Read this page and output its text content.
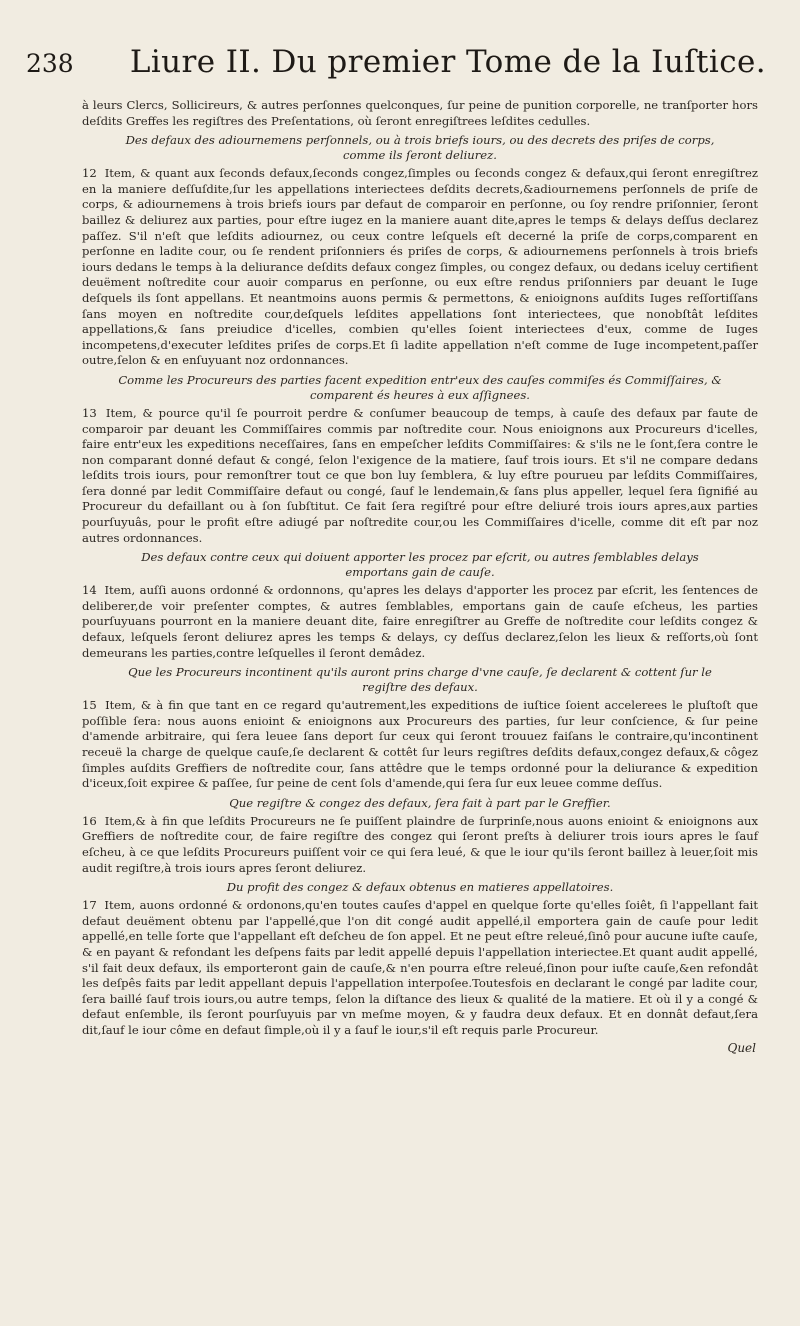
238	Liure II. Du premier Tome de la Iuſtice.

à leurs Clercs, Sollicireurs, & autres perſonnes quelconques, ſur peine de punition corporelle, ne tranſporter hors deſdits Greffes les regiſtres des Preſentations, où ſeront enregiſtrees leſdites cedulles.

Des defaux des adiournemens perſonnels, ou à trois briefs iours, ou des decrets des priſes de corps, comme ils ſeront deliurez.

12 Item, & quant aux ſeconds defaux,ſeconds congez,ſimples ou ſeconds congez & defaux,qui ſeront enregiſtrez en la maniere deſſuſdite,ſur les appellations interiectees deſdits decrets,&adiournemens perſonnels de priſe de corps, & adiournemens à trois briefs iours par defaut de comparoir en perſonne, ou ſoy rendre priſonnier, ſeront baillez & deliurez aux parties, pour eſtre iugez en la maniere auant dite,apres le temps & delays deſſus declarez paſſez. S'il n'eſt que leſdits adiournez, ou ceux contre leſquels eſt decerné la priſe de corps,comparent en perſonne en ladite cour, ou ſe rendent priſonniers és priſes de corps, & adiournemens perſonnels à trois briefs iours dedans le temps à la deliurance deſdits defaux congez ſimples, ou congez defaux, ou dedans iceluy certifient deuëment noſtredite cour auoir comparus en perſonne, ou eux eſtre rendus priſonniers par deuant le Iuge deſquels ils ſont appellans. Et neantmoins auons permis & permettons, & enioignons auſdits Iuges reſſortiſſans ſans moyen en noſtredite cour,deſquels leſdites appellations ſont interiectees, que nonobſtât leſdites appellations,& ſans preiudice d'icelles, combien qu'elles ſoient interiectees d'eux, comme de Iuges incompetens,d'executer leſdites priſes de corps.Et ſi ladite appellation n'eſt comme de Iuge incompetent,paſſer outre,ſelon & en enſuyuant noz ordonnances.

Comme les Procureurs des parties facent expedition entr'eux des cauſes commiſes és Commiſſaires, & comparent és heures à eux aſſignees.

13 Item, & pource qu'il ſe pourroit perdre & conſumer beaucoup de temps, à cauſe des defaux par faute de comparoir par deuant les Commiſſaires commis par noſtredite cour. Nous enioignons aux Procureurs d'icelles, faire entr'eux les expeditions neceſſaires, ſans en empeſcher leſdits Commiſſaires: & s'ils ne le ſont,ſera contre le non comparant donné defaut & congé, ſelon l'exigence de la matiere, ſauf trois iours. Et s'il ne compare dedans leſdits trois iours, pour remonſtrer tout ce que bon luy ſemblera, & luy eſtre pourueu par leſdits Commiſſaires, ſera donné par ledit Commiſſaire defaut ou congé, ſauf le lendemain,& ſans plus appeller, lequel ſera ſignifié au Procureur du defaillant ou à ſon ſubſtitut. Ce fait ſera regiſtré pour eſtre deliuré trois iours apres,aux parties pourſuyuâs, pour le profit eſtre adiugé par noſtredite cour,ou les Commiſſaires d'icelle, comme dit eſt par noz autres ordonnances.

Des defaux contre ceux qui doiuent apporter les procez par eſcrit, ou autres ſemblables delays emportans gain de cauſe.

14 Item, auſſi auons ordonné & ordonnons, qu'apres les delays d'apporter les procez par eſcrit, les ſentences de deliberer,de voir preſenter comptes, & autres ſemblables, emportans gain de cauſe eſcheus, les parties pourſuyuans pourront en la maniere deuant dite, faire enregiſtrer au Greffe de noſtredite cour leſdits congez & defaux, leſquels ſeront deliurez apres les temps & delays, cy deſſus declarez,ſelon les lieux & reſſorts,où ſont demeurans les parties,contre leſquelles il ſeront demâdez.

Que les Procureurs incontinent qu'ils auront prins charge d'vne cauſe, ſe declarent & cottent ſur le regiſtre des defaux.

15 Item, & à fin que tant en ce regard qu'autrement,les expeditions de iuſtice ſoient accelerees le pluſtoſt que poſſible ſera: nous auons enioint & enioignons aux Procureurs des parties, ſur leur conſcience, & ſur peine d'amende arbitraire, qui ſera leuee ſans deport ſur ceux qui ſeront trouuez faiſans le contraire,qu'incontinent receuë la charge de quelque cauſe,ſe declarent & cottêt ſur leurs regiſtres deſdits defaux,congez defaux,& côgez ſimples auſdits Greffiers de noſtredite cour, ſans attêdre que le temps ordonné pour la deliurance & expedition d'iceux,ſoit expiree & paſſee, ſur peine de cent ſols d'amende,qui ſera ſur eux leuee comme deſſus.

Que regiſtre & congez des defaux, ſera fait à part par le Greffier.

16 Item,& à fin que leſdits Procureurs ne ſe puiſſent plaindre de ſurprinſe,nous auons enioint & enioignons aux Greffiers de noſtredite cour, de faire regiſtre des congez qui ſeront preſts à deliurer trois iours apres le ſauf eſcheu, à ce que leſdits Procureurs puiſſent voir ce qui ſera leué, & que le iour qu'ils ſeront baillez à leuer,ſoit mis audit regiſtre,à trois iours apres ſeront deliurez.

Du profit des congez & defaux obtenus en matieres appellatoires.

17 Item, auons ordonné & ordonons,qu'en toutes cauſes d'appel en quelque ſorte qu'elles ſoiêt, ſi l'appellant fait defaut deuëment obtenu par l'appellé,que l'on dit congé audit appellé,il emportera gain de cauſe pour ledit appellé,en telle ſorte que l'appellant eſt deſcheu de ſon appel. Et ne peut eſtre releué,ſinô pour aucune iuſte cauſe, & en payant & refondant les deſpens faits par ledit appellé depuis l'appellation interiectee.Et quant audit appellé, s'il fait deux defaux, ils emporteront gain de cauſe,& n'en pourra eſtre releué,ſinon pour iuſte cauſe,&en refondât les deſpês faits par ledit appellant depuis l'appellation interpoſee.Toutesfois en declarant le congé par ladite cour, ſera baillé ſauf trois iours,ou autre temps, ſelon la diſtance des lieux & qualité de la matiere. Et où il y a congé & defaut enſemble, ils ſeront pourſuyuis par vn meſme moyen, & y faudra deux defaux. Et en donnât defaut,ſera dit,ſauf le iour côme en defaut ſimple,où il y a ſauf le iour,s'il eſt requis parle Procureur.

Quel
